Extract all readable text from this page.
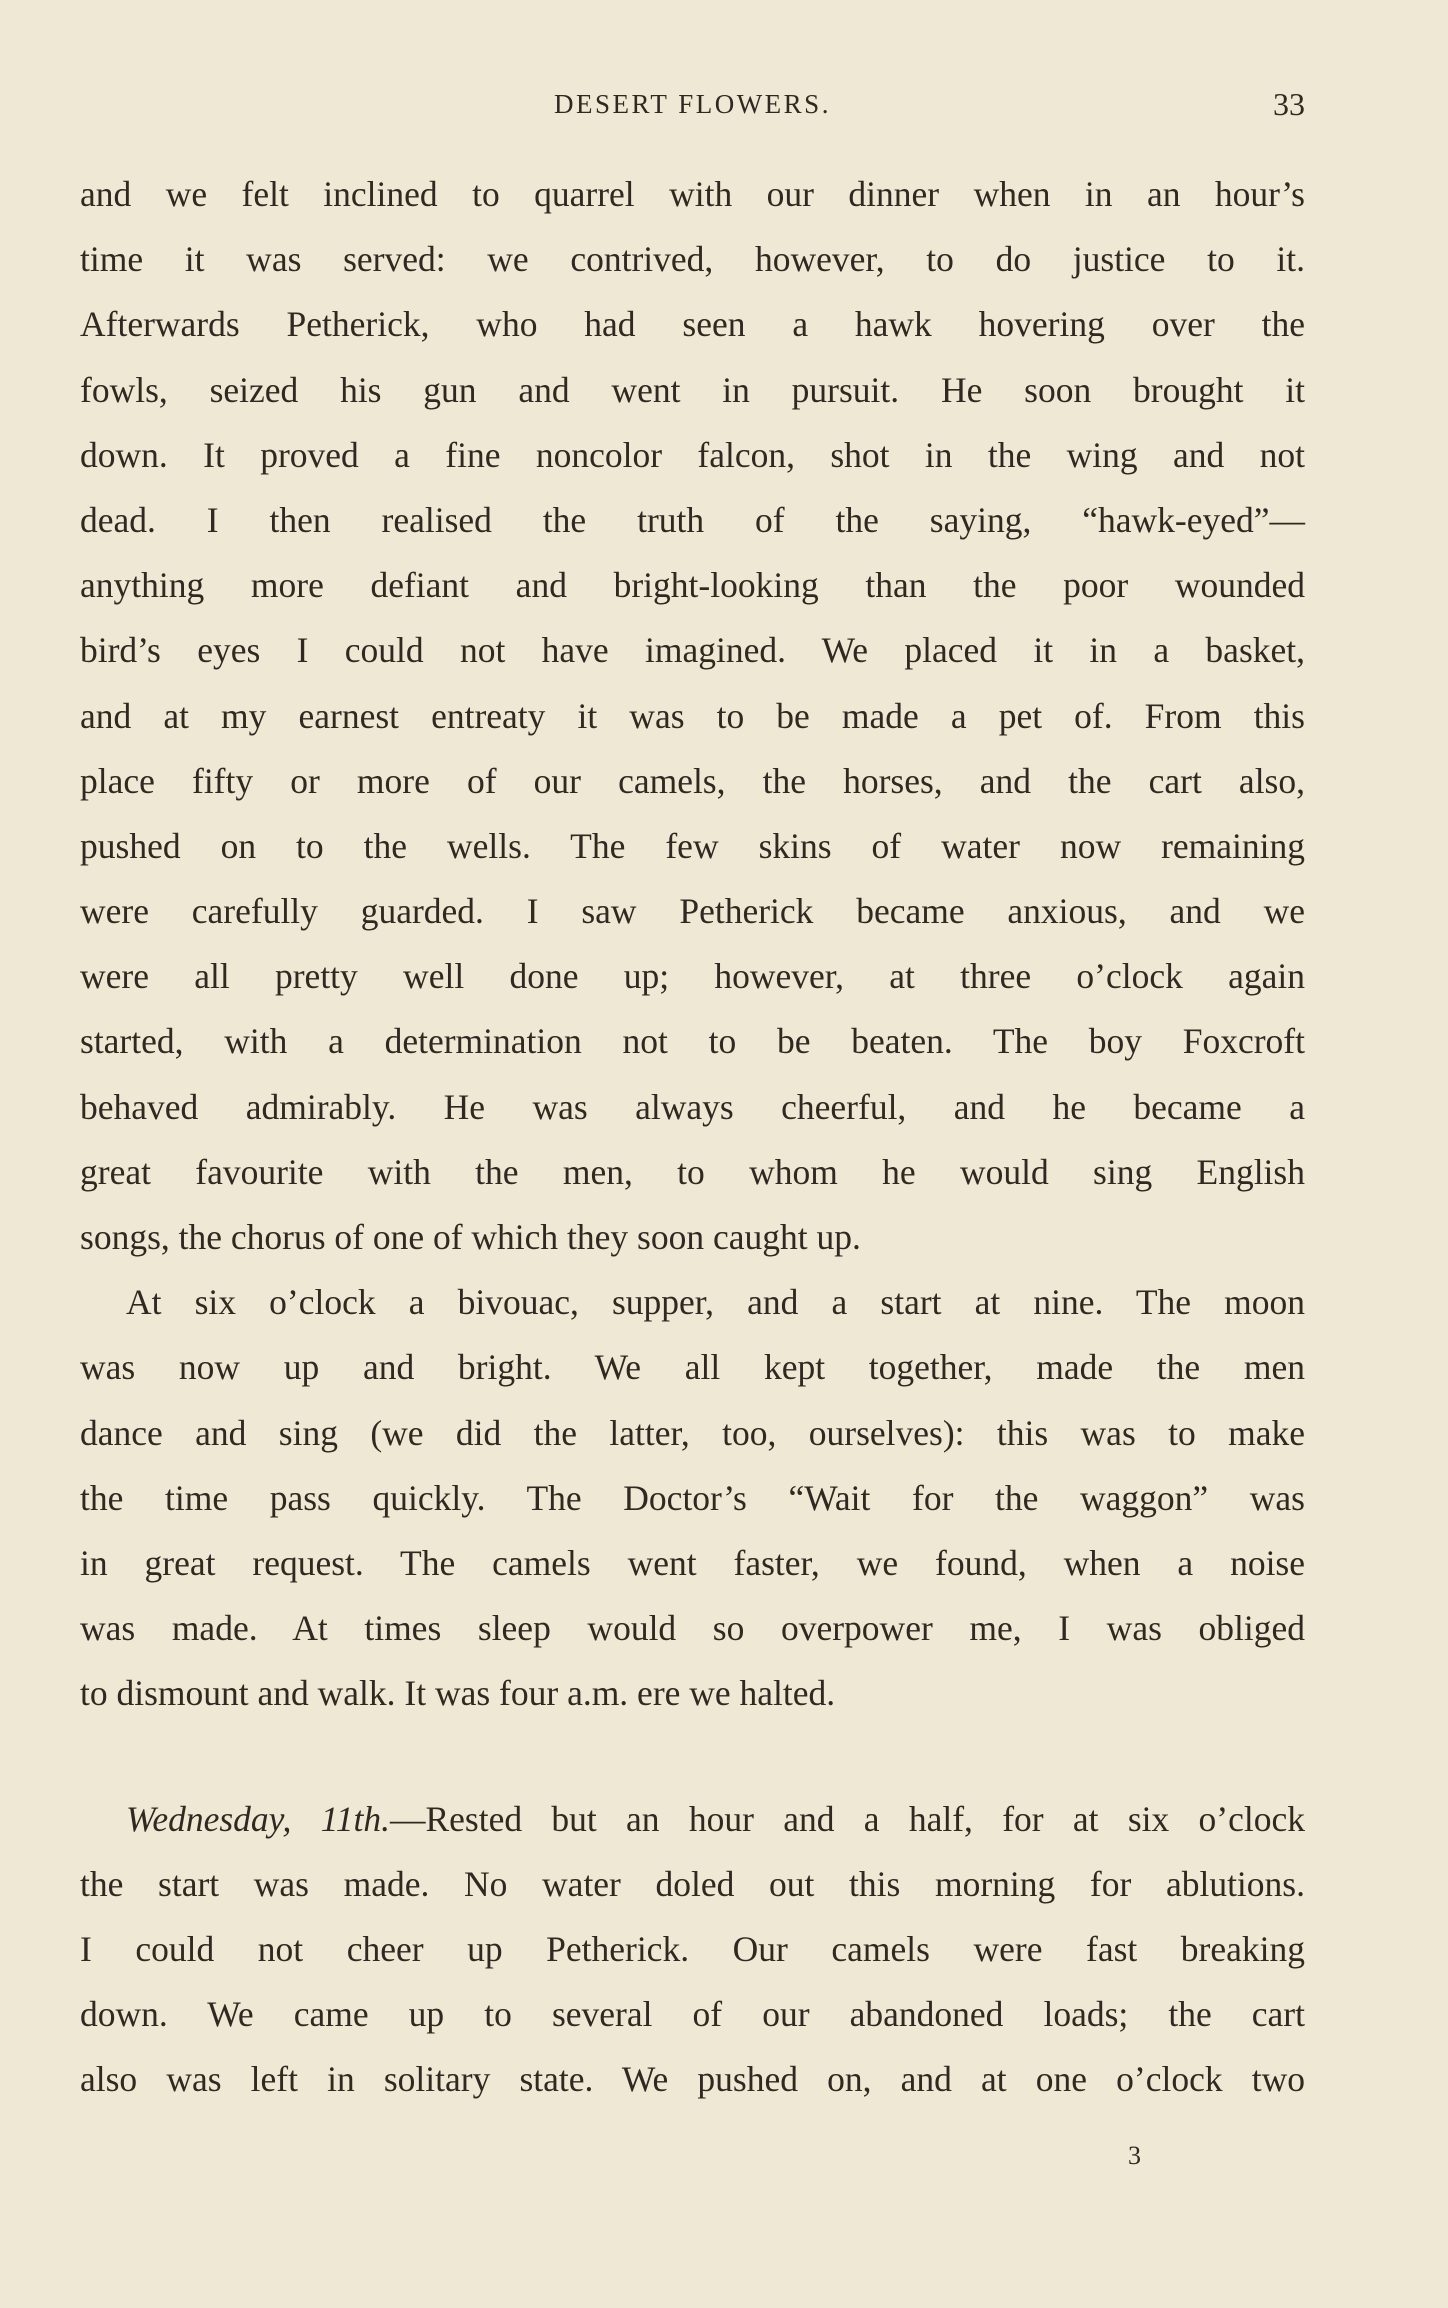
DESERT FLOWERS.	33
and we felt inclined to quarrel with our dinner when in an hour’s
time it was served: we contrived, however, to do justice to it.
Afterwards Petherick, who had seen a hawk hovering over the
fowls, seized his gun and went in pursuit. He soon brought it
down. It proved a fine noncolor falcon, shot in the wing and not
dead. I then realised the truth of the saying, “hawk-eyed”—
anything more defiant and bright-looking than the poor wounded
bird’s eyes I could not have imagined. We placed it in a basket,
and at my earnest entreaty it was to be made a pet of. From this
place fifty or more of our camels, the horses, and the cart also,
pushed on to the wells. The few skins of water now remaining
were carefully guarded. I saw Petherick became anxious, and we
were all pretty well done up; however, at three o’clock again
started, with a determination not to be beaten. The boy Foxcroft
behaved admirably. He was always cheerful, and he became a
great favourite with the men, to whom he would sing English
songs, the chorus of one of which they soon caught up.
At six o’clock a bivouac, supper, and a start at nine. The moon
was now up and bright. We all kept together, made the men
dance and sing (we did the latter, too, ourselves): this was to make
the time pass quickly. The Doctor’s “Wait for the waggon” was
in great request. The camels went faster, we found, when a noise
was made. At times sleep would so overpower me, I was obliged
to dismount and walk. It was four a.m. ere we halted.
Wednesday, 11th.—Rested but an hour and a half, for at six o’clock
the start was made. No water doled out this morning for ablutions.
I could not cheer up Petherick. Our camels were fast breaking
down. We came up to several of our abandoned loads; the cart
also was left in solitary state. We pushed on, and at one o’clock two
3
